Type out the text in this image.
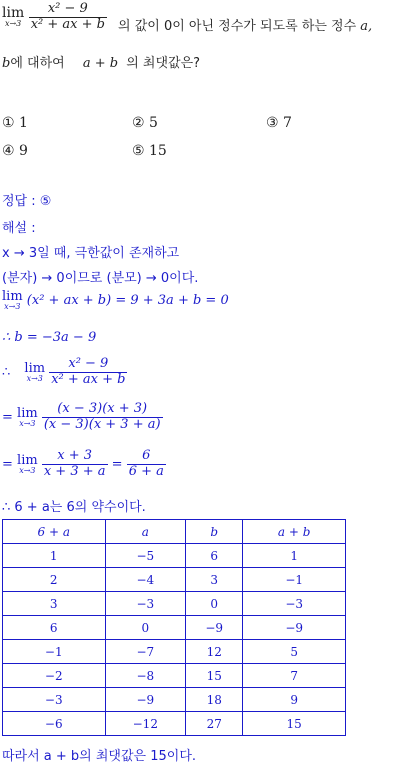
lim
x→3
$\frac{\text{x² − 9}}{\text{x² + ax + b}}$ 의 값이 0이 아닌 정수가 되도록 하는 정수 a,
b에 대하여 a + b 의 최댓값은?
① 1	② 5	③ 7
④ 9	⑤ 15
정답 : ⑤
해설 :
x → 3일 때, 극한값이 존재하고
(분자) → 0이므로 (분모) → 0이다.
lim
x→3 (x² + ax + b) = 9 + 3a + b = 0
∴ b = −3a − 9
∴ lim
x→3
$\frac{\text{x² − 9}}{\text{x² + ax + b}}$
= lim
x→3
$\frac{(x - 3)(x + 3)}{(x - 3)(x + 3 + a)}$
= lim
x→3
$\frac{x + 3}{x + 3 + a} = \frac{6}{6 + a}$
∴ 6 + a는 6의 약수이다.
6 + a	a	b	a + b
1	−5	6	1
2	−4	3	−1
3	−3	0	−3
6	0	−9	−9
−1	−7	12	5
−2	−8	15	7
−3	−9	18	9
−6	−12	27	15
따라서 a + b의 최댓값은 15이다.
